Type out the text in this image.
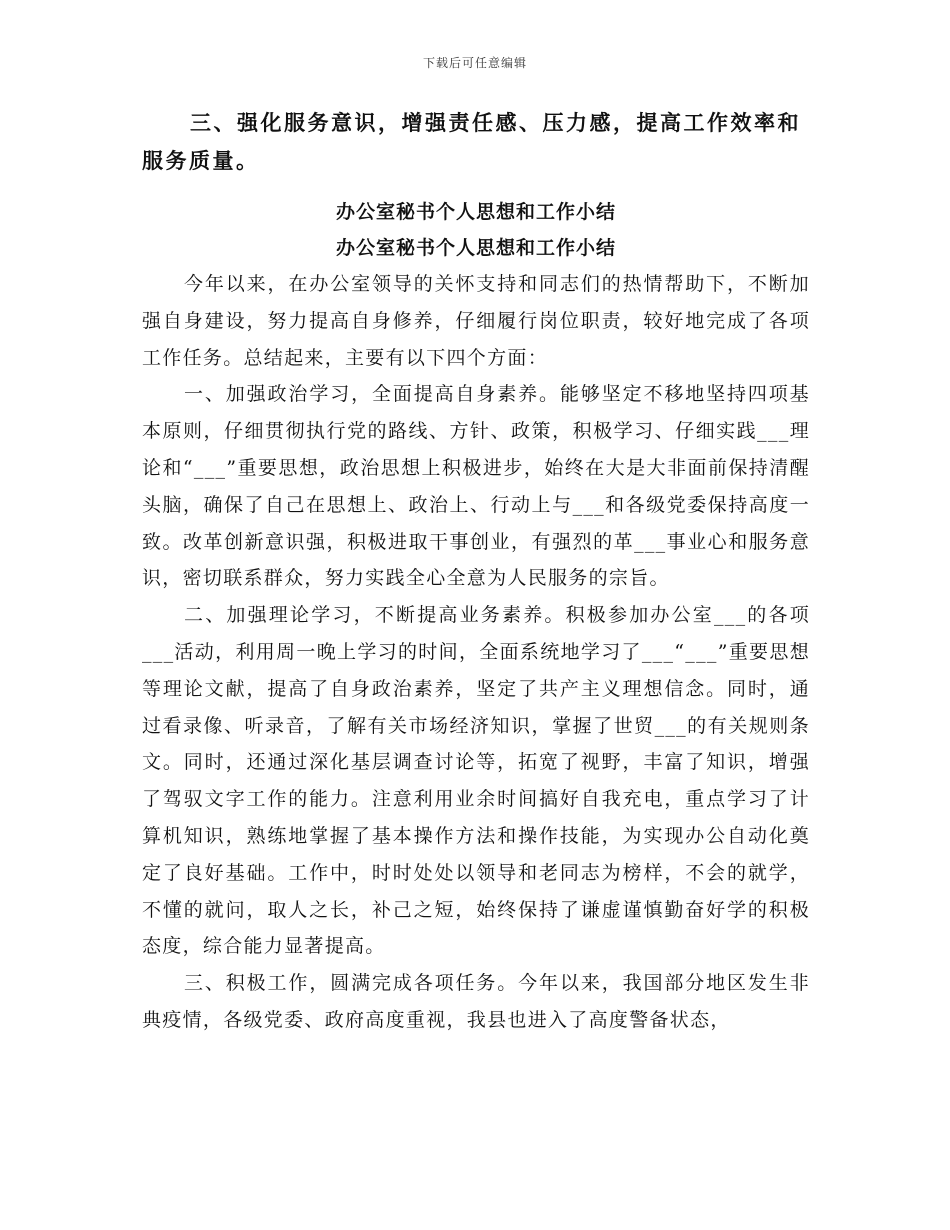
下载后可任意编辑

三、强化服务意识，增强责任感、压力感，提高工作效率和服务质量。

办公室秘书个人思想和工作小结

办公室秘书个人思想和工作小结

今年以来，在办公室领导的关怀支持和同志们的热情帮助下，不断加强自身建设，努力提高自身修养，仔细履行岗位职责，较好地完成了各项工作任务。总结起来，主要有以下四个方面：

一、加强政治学习，全面提高自身素养。能够坚定不移地坚持四项基本原则，仔细贯彻执行党的路线、方针、政策，积极学习、仔细实践___理论和“___”重要思想，政治思想上积极进步，始终在大是大非面前保持清醒头脑，确保了自己在思想上、政治上、行动上与___和各级党委保持高度一致。改革创新意识强，积极进取干事创业，有强烈的革___事业心和服务意识，密切联系群众，努力实践全心全意为人民服务的宗旨。

二、加强理论学习，不断提高业务素养。积极参加办公室___的各项___活动，利用周一晚上学习的时间，全面系统地学习了___“___”重要思想等理论文献，提高了自身政治素养，坚定了共产主义理想信念。同时，通过看录像、听录音，了解有关市场经济知识，掌握了世贸___的有关规则条文。同时，还通过深化基层调查讨论等，拓宽了视野，丰富了知识，增强了驾驭文字工作的能力。注意利用业余时间搞好自我充电，重点学习了计算机知识，熟练地掌握了基本操作方法和操作技能，为实现办公自动化奠定了良好基础。工作中，时时处处以领导和老同志为榜样，不会的就学，不懂的就问，取人之长，补己之短，始终保持了谦虚谨慎勤奋好学的积极态度，综合能力显著提高。

三、积极工作，圆满完成各项任务。今年以来，我国部分地区发生非典疫情，各级党委、政府高度重视，我县也进入了高度警备状态，
